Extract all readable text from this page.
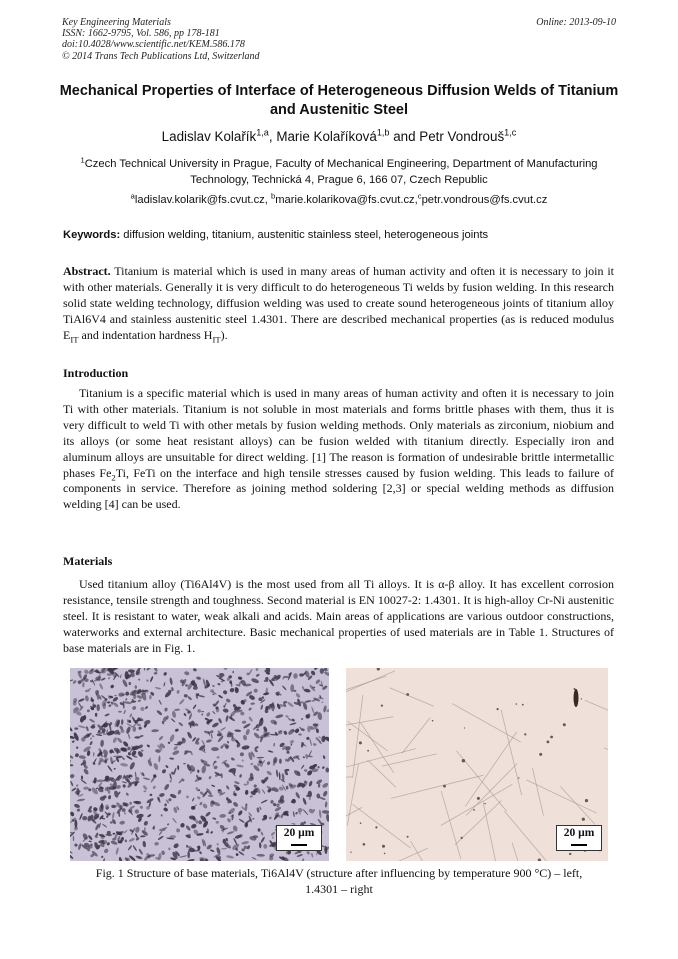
Key Engineering Materials
ISSN: 1662-9795, Vol. 586, pp 178-181
doi:10.4028/www.scientific.net/KEM.586.178
© 2014 Trans Tech Publications Ltd, Switzerland
Online: 2013-09-10
Mechanical Properties of Interface of Heterogeneous Diffusion Welds of Titanium and Austenitic Steel
Ladislav Kolařík$^{1,a}$, Marie Kolaříková$^{1,b}$ and Petr Vondrouš$^{1,c}$
$^1$Czech Technical University in Prague, Faculty of Mechanical Engineering, Department of Manufacturing Technology, Technická 4, Prague 6, 166 07, Czech Republic
$^a$ladislav.kolarik@fs.cvut.cz, $^b$marie.kolarikova@fs.cvut.cz,$^c$petr.vondrous@fs.cvut.cz
Keywords: diffusion welding, titanium, austenitic stainless steel, heterogeneous joints

Abstract. Titanium is material which is used in many areas of human activity and often it is necessary to join it with other materials. Generally it is very difficult to do heterogeneous Ti welds by fusion welding. In this research solid state welding technology, diffusion welding was used to create sound heterogeneous joints of titanium alloy TiAl6V4 and stainless austenitic steel 1.4301. There are described mechanical properties (as is reduced modulus $E_{IT}$ and indentation hardness $H_{IT}$).

Introduction

Titanium is a specific material which is used in many areas of human activity and often it is necessary to join Ti with other materials. Titanium is not soluble in most materials and forms brittle phases with them, thus it is very difficult to weld Ti with other metals by fusion welding methods. Only materials as zirconium, niobium and its alloys (or some heat resistant alloys) can be fusion welded with titanium directly. Especially iron and aluminum alloys are unsuitable for direct welding. [1] The reason is formation of undesirable brittle intermetallic phases $Fe_2Ti$, FeTi on the interface and high tensile stresses caused by fusion welding. This leads to failure of components in service. Therefore as joining method soldering [2,3] or special welding methods as diffusion welding [4] can be used.

Materials

Used titanium alloy (Ti6Al4V) is the most used from all Ti alloys. It is α-β alloy. It has excellent corrosion resistance, tensile strength and toughness. Second material is EN 10027-2: 1.4301. It is high-alloy Cr-Ni austenitic steel. It is resistant to water, weak alkali and acids. Main areas of applications are various outdoor constructions, waterworks and external architecture. Basic mechanical properties of used materials are in Table 1. Structures of base materials are in Fig. 1.

20 µm	20 µm
Fig. 1 Structure of base materials, Ti6Al4V (structure after influencing by temperature 900 °C) – left, 1.4301 – right
